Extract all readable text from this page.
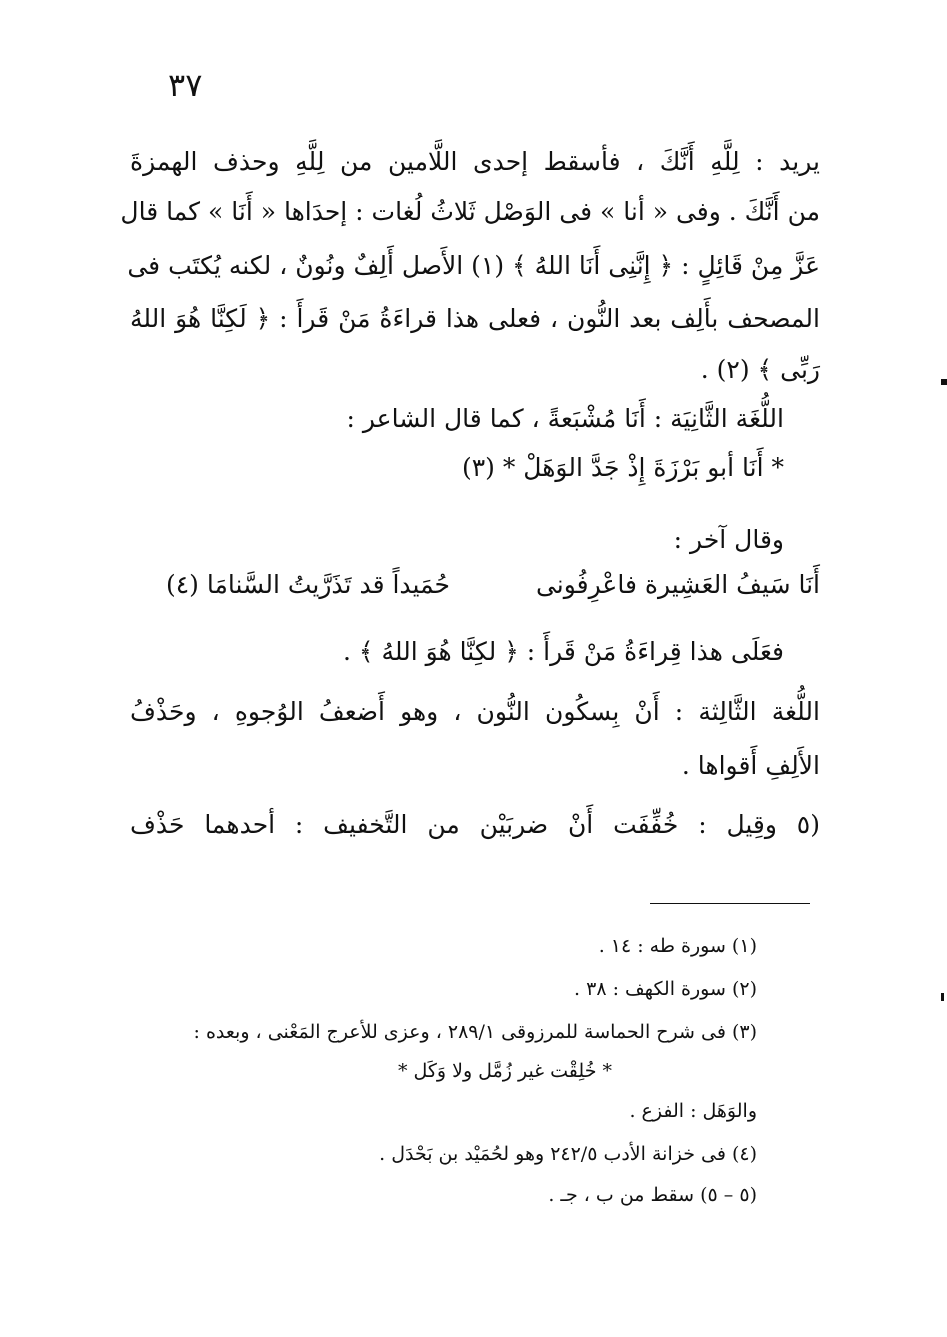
٣٧
يريد : لِلَّهِ أَنَّكَ ، فأسقط إحدى اللَّامين من لِلَّهِ وحذف الهمزةَ
من أَنَّكَ . وفى « أنا » فى الوَصْل ثَلاثُ لُغات : إحدَاها « أَنَا » كما قال
عَزَّ مِنْ قَائِلٍ : ﴿ إِنَّنِى أَنَا اللهُ ﴾ (١) الأَصل أَلِفٌ ونُونٌ ، لكنه يُكتَب فى
المصحف بأَلِف بعد النُّون ، فعلى هذا قراءَةُ مَنْ قَرأَ : ﴿ لَكِنَّا هُوَ اللهُ
رَبِّى ﴾ (٢) .
اللُّغَة الثَّانِيَة : أَنَا مُشْبَعةً ، كما قال الشاعر :
* أَنَا أبو بَرْزَةَ إِذْ جَدَّ الوَهَلْ * (٣)
وقال آخر :
أَنَا سَيفُ العَشِيرة فاعْرِفُونى
حُمَيداً قد تَذَرَّيتُ السَّنامَا (٤)
فعَلَى هذا قِراءَةُ مَنْ قَرأَ : ﴿ لكِنَّا هُوَ اللهُ ﴾ .
اللُّغة الثَّالِثة : أَنْ بِسكُون النُّون ، وهو أَضعفُ الوُجوهِ ، وحَذْفُ
الأَلِفِ أَقواها .
(٥ وقِيل : خُفِّفَت أَنْ ضربَيْن من التَّخفيف : أحدهما حَذْف
(١) سورة طه : ١٤ .
(٢) سورة الكهف : ٣٨ .
(٣) فى شرح الحماسة للمرزوقى ٢٨٩/١ ، وعزى للأعرج المَعْنى ، وبعده :
* خُلِقْت غير زُمَّل ولا وَكَل *
والوَهَل : الفزع .
(٤) فى خزانة الأدب ٢٤٢/٥ وهو لحُمَيْد بن بَحْدَل .
(٥ – ٥) سقط من ب ، جـ .
